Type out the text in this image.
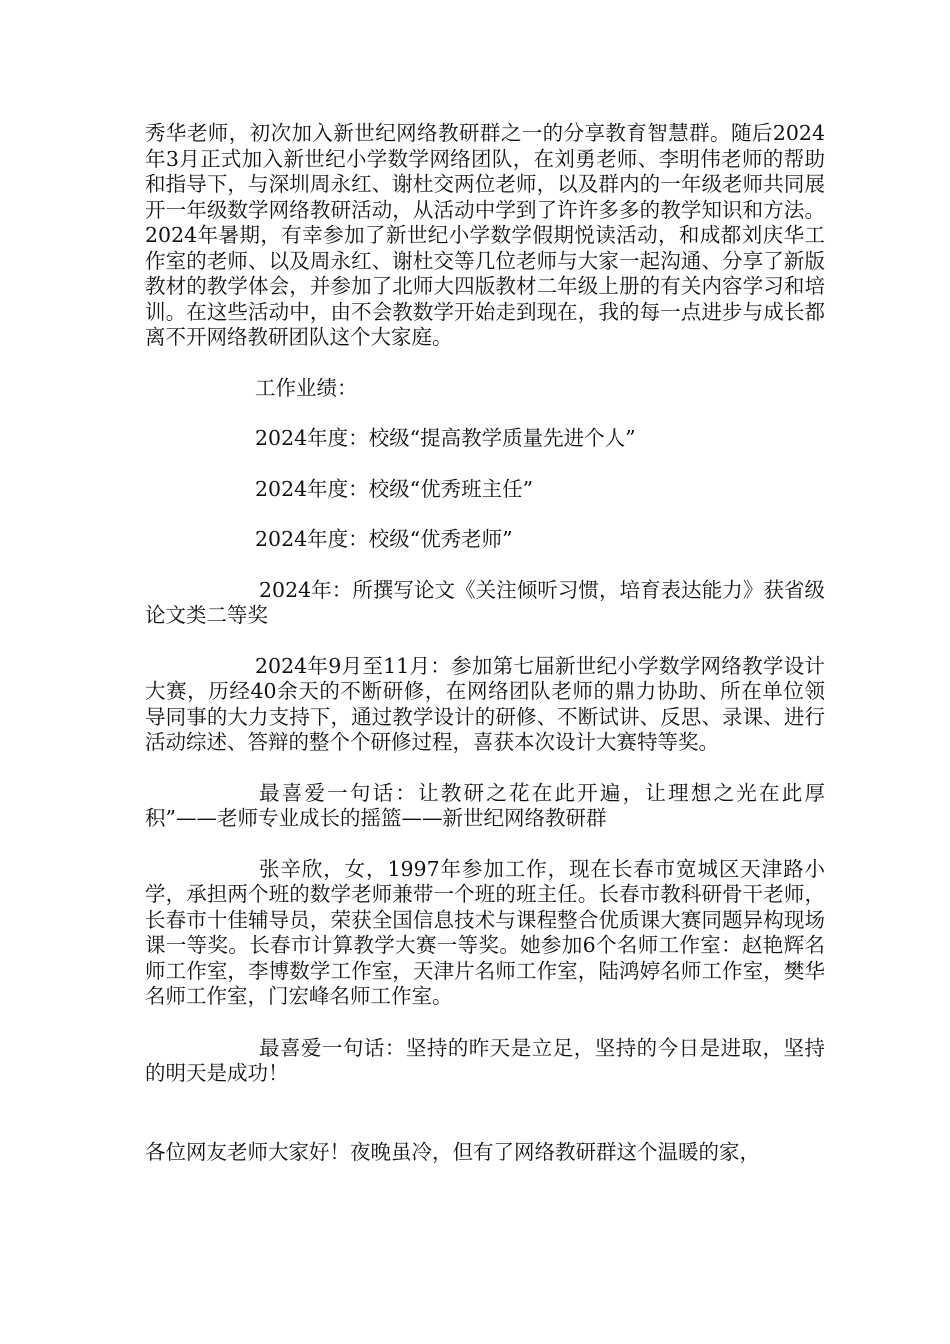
秀华老师，初次加入新世纪网络教研群之一的分享教育智慧群。随后2024年3月正式加入新世纪小学数学网络团队，在刘勇老师、李明伟老师的帮助和指导下，与深圳周永红、谢杜交两位老师，以及群内的一年级老师共同展开一年级数学网络教研活动，从活动中学到了许许多多的教学知识和方法。2024年暑期，有幸参加了新世纪小学数学假期悦读活动，和成都刘庆华工作室的老师、以及周永红、谢杜交等几位老师与大家一起沟通、分享了新版教材的教学体会，并参加了北师大四版教材二年级上册的有关内容学习和培训。在这些活动中，由不会教数学开始走到现在，我的每一点进步与成长都离不开网络教研团队这个大家庭。

工作业绩：

2024年度：校级“提高教学质量先进个人”

2024年度：校级“优秀班主任”

2024年度：校级“优秀老师”

2024年：所撰写论文《关注倾听习惯，培育表达能力》获省级论文类二等奖

2024年9月至11月：参加第七届新世纪小学数学网络教学设计大赛，历经40余天的不断研修，在网络团队老师的鼎力协助、所在单位领导同事的大力支持下，通过教学设计的研修、不断试讲、反思、录课、进行活动综述、答辩的整个个研修过程，喜获本次设计大赛特等奖。

最喜爱一句话：让教研之花在此开遍，让理想之光在此厚积”——老师专业成长的摇篮——新世纪网络教研群

张辛欣，女，1997年参加工作，现在长春市宽城区天津路小学，承担两个班的数学老师兼带一个班的班主任。长春市教科研骨干老师，长春市十佳辅导员，荣获全国信息技术与课程整合优质课大赛同题异构现场课一等奖。长春市计算教学大赛一等奖。她参加6个名师工作室：赵艳辉名师工作室，李博数学工作室，天津片名师工作室，陆鸿婷名师工作室，樊华名师工作室，门宏峰名师工作室。

最喜爱一句话：坚持的昨天是立足，坚持的今日是进取，坚持的明天是成功！

各位网友老师大家好！夜晚虽冷，但有了网络教研群这个温暖的家，
